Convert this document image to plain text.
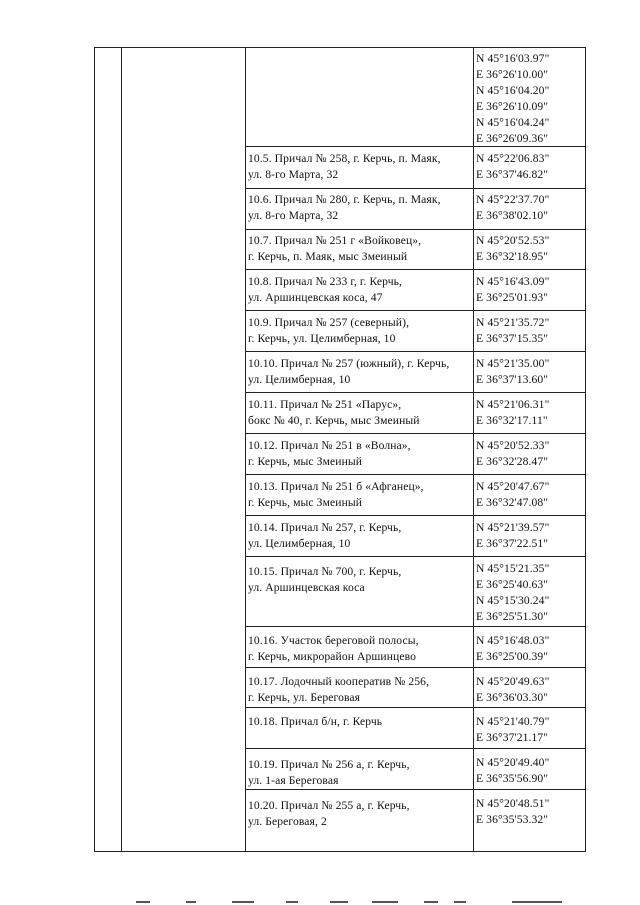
N 45°16'03.97"
E 36°26'10.00"
N 45°16'04.20"
E 36°26'10.09"
N 45°16'04.24"
E 36°26'09.36"
10.5. Причал № 258, г. Керчь, п. Маяк,
ул. 8-го Марта, 32
N 45°22'06.83"
E 36°37'46.82"
10.6. Причал № 280, г. Керчь, п. Маяк,
ул. 8-го Марта, 32
N 45°22'37.70"
E 36°38'02.10"
10.7. Причал № 251 г «Войковец»,
г. Керчь, п. Маяк, мыс Змеиный
N 45°20'52.53"
E 36°32'18.95"
10.8. Причал № 233 г, г. Керчь,
ул. Аршинцевская коса, 47
N 45°16'43.09"
E 36°25'01.93"
10.9. Причал № 257 (северный),
г. Керчь, ул. Целимберная, 10
N 45°21'35.72"
E 36°37'15.35"
10.10. Причал № 257 (южный), г. Керчь,
ул. Целимберная, 10
N 45°21'35.00"
E 36°37'13.60"
10.11. Причал № 251 «Парус»,
бокс № 40, г. Керчь, мыс Змеиный
N 45°21'06.31"
E 36°32'17.11"
10.12. Причал № 251 в «Волна»,
г. Керчь, мыс Змеиный
N 45°20'52.33"
E 36°32'28.47"
10.13. Причал № 251 б «Афганец»,
г. Керчь, мыс Змеиный
N 45°20'47.67"
E 36°32'47.08"
10.14. Причал № 257, г. Керчь,
ул. Целимберная, 10
N 45°21'39.57"
E 36°37'22.51"
10.15. Причал № 700, г. Керчь,
ул. Аршинцевская коса
N 45°15'21.35"
E 36°25'40.63"
N 45°15'30.24"
E 36°25'51.30"
10.16. Участок береговой полосы,
г. Керчь, микрорайон Аршинцево
N 45°16'48.03"
E 36°25'00.39"
10.17. Лодочный кооператив № 256,
г. Керчь, ул. Береговая
N 45°20'49.63"
E 36°36'03.30"
10.18. Причал б/н, г. Керчь	N 45°21'40.79"
E 36°37'21.17"
10.19. Причал № 256 а, г. Керчь,
ул. 1-ая Береговая
N 45°20'49.40"
E 36°35'56.90"
10.20. Причал № 255 а, г. Керчь,
ул. Береговая, 2
N 45°20'48.51"
E 36°35'53.32"
